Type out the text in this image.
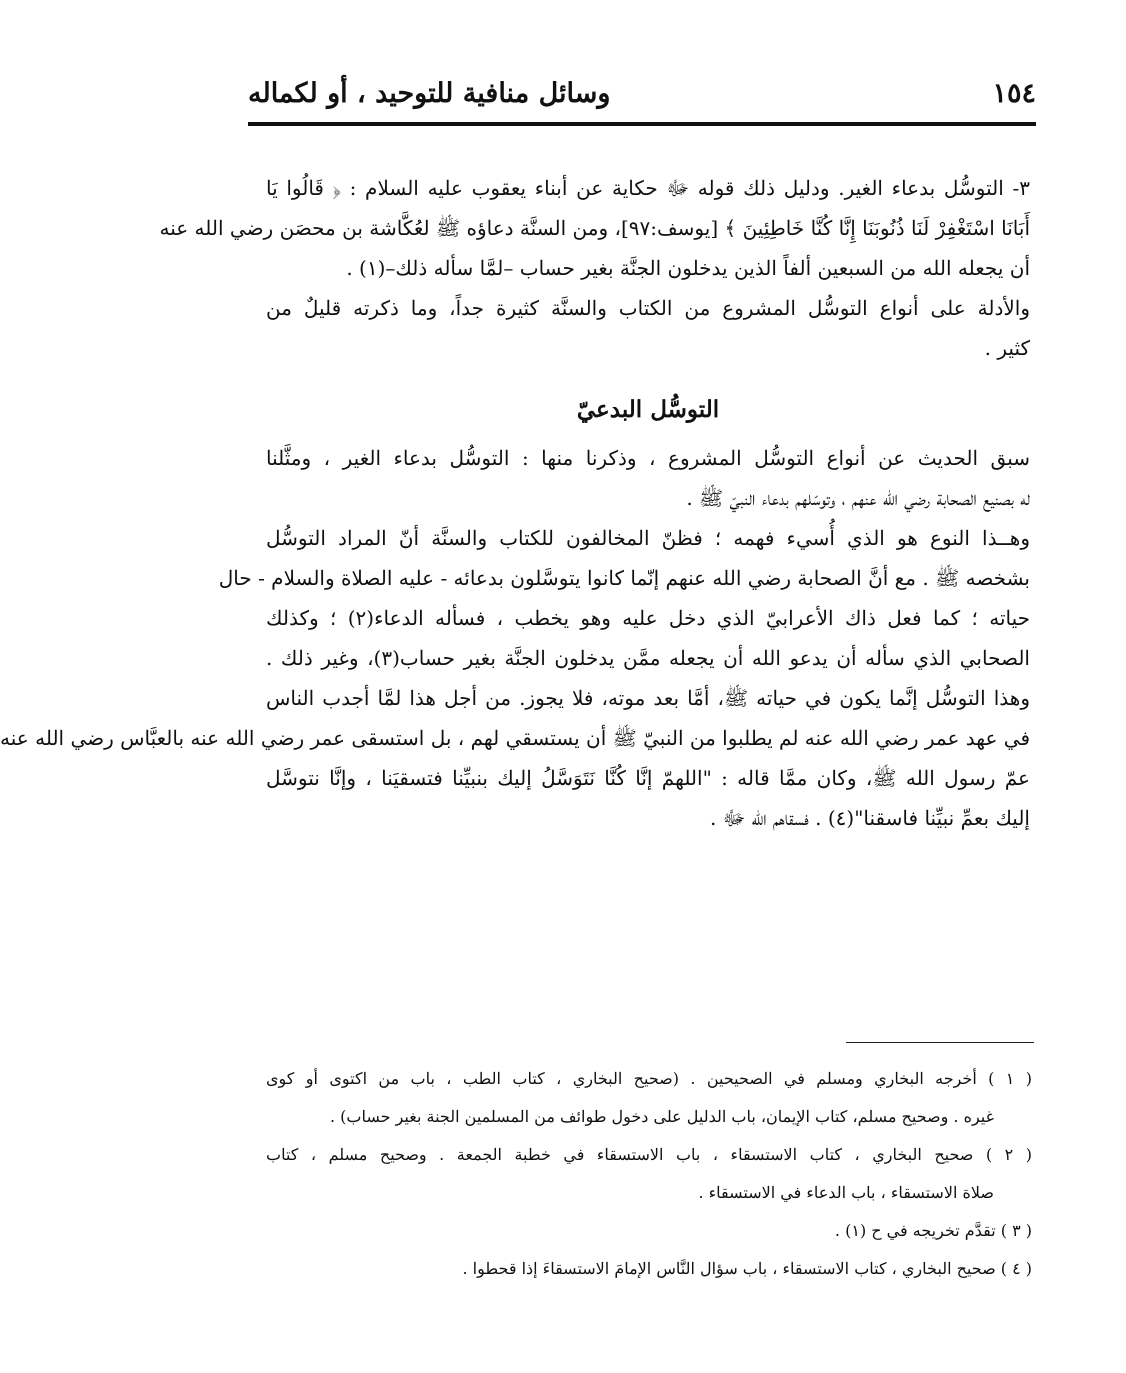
وسائل منافية للتوحيد ، أو لكماله	١٥٤
٣- التوسُّل بدعاء الغير. ودليل ذلك قوله ﷻ حكاية عن أبناء يعقوب عليه السلام : ﴿ قَالُوا يَا
أَبَانَا اسْتَغْفِرْ لَنَا ذُنُوبَنَا إِنَّا كُنَّا خَاطِئِينَ ﴾ [يوسف:٩٧]، ومن السنَّة دعاؤه ﷺ لعُكَّاشة بن محصَن رضي الله عنه
أن يجعله الله من السبعين ألفاً الذين يدخلون الجنَّة بغير حساب –لمَّا سأله ذلك–(١) .
والأدلة على أنواع التوسُّل المشروع من الكتاب والسنَّة كثيرة جداً، وما ذكرته قليلٌ من
كثير .
التوسُّل البدعيّ
سبق الحديث عن أنواع التوسُّل المشروع ، وذكرنا منها : التوسُّل بدعاء الغير ، ومثَّلنا
له بصنيع الصحابة رضي الله عنهم ، وتوسّلهم بدعاء النبيّ ﷺ .
وهــذا النوع هو الذي أُسيء فهمه ؛ فظنّ المخالفون للكتاب والسنَّة أنّ المراد التوسُّل
بشخصه ﷺ . مع أنَّ الصحابة رضي الله عنهم إنّما كانوا يتوسَّلون بدعائه - عليه الصلاة والسلام - حال
حياته ؛ كما فعل ذاك الأعرابيّ الذي دخل عليه وهو يخطب ، فسأله الدعاء(٢) ؛ وكذلك
الصحابي الذي سأله أن يدعو الله أن يجعله ممَّن يدخلون الجنَّة بغير حساب(٣)، وغير ذلك .
وهذا التوسُّل إنَّما يكون في حياته ﷺ، أمَّا بعد موته، فلا يجوز. من أجل هذا لمَّا أجدب الناس
في عهد عمر رضي الله عنه لم يطلبوا من النبيّ ﷺ أن يستسقي لهم ، بل استسقى عمر رضي الله عنه بالعبَّاس رضي الله عنه
عمّ رسول الله ﷺ، وكان ممَّا قاله : "اللهمّ إنَّا كُنَّا نَتَوَسَّلُ إليك بنبيِّنا فتسقيَنا ، وإنَّا نتوسَّل
إليك بعمِّ نبيِّنا فاسقنا"(٤) . فسقاهم الله ﷻ .
( ١ ) أخرجه البخاري ومسلم في الصحيحين . (صحيح البخاري ، كتاب الطب ، باب من اكتوى أو كوى
غيره . وصحيح مسلم، كتاب الإيمان، باب الدليل على دخول طوائف من المسلمين الجنة بغير حساب) .
( ٢ ) صحيح البخاري ، كتاب الاستسقاء ، باب الاستسقاء في خطبة الجمعة . وصحيح مسلم ، كتاب
صلاة الاستسقاء ، باب الدعاء في الاستسقاء .
( ٣ ) تقدَّم تخريجه في ح (١) .
( ٤ ) صحيح البخاري ، كتاب الاستسقاء ، باب سؤال النَّاس الإمامَ الاستسقاءَ إذا قحطوا .
